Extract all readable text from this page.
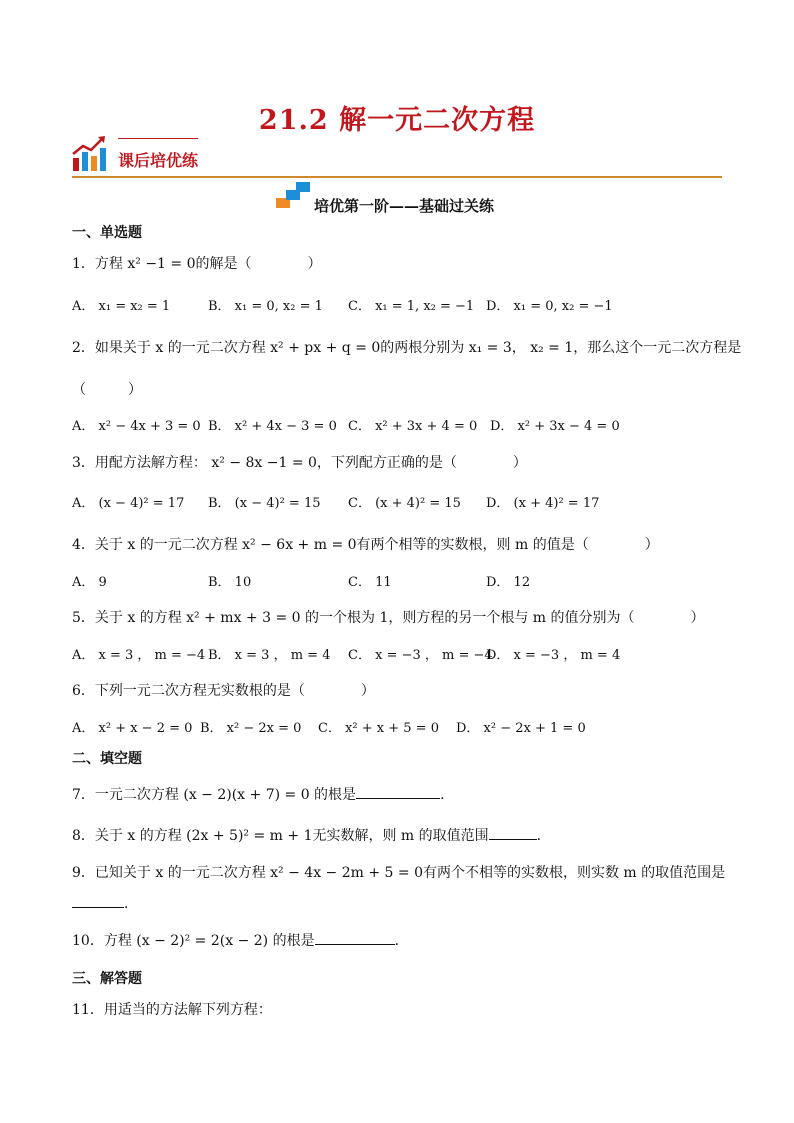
21.2 解一元二次方程
课后培优练
培优第一阶——基础过关练
一、单选题
1．方程 x² −1 = 0的解是（　　　　）
A． x₁ = x₂ = 1	B． x₁ = 0, x₂ = 1 C． x₁ = 1, x₂ = −1 D． x₁ = 0, x₂ = −1
2．如果关于 x 的一元二次方程 x² + px + q = 0的两根分别为 x₁ = 3， x₂ = 1，那么这个一元二次方程是
（　　　）
A． x² − 4x + 3 = 0 B． x² + 4x − 3 = 0 C． x² + 3x + 4 = 0 D． x² + 3x − 4 = 0
3．用配方法解方程： x² − 8x −1 = 0，下列配方正确的是（　　　　）
A． (x − 4)² = 17 B． (x − 4)² = 15 C． (x + 4)² = 15 D． (x + 4)² = 17
4．关于 x 的一元二次方程 x² − 6x + m = 0有两个相等的实数根，则 m 的值是（　　　　）
A． 9	B． 10	C． 11	D． 12
5．关于 x 的方程 x² + mx + 3 = 0 的一个根为 1，则方程的另一个根与 m 的值分别为（　　　　）
A． x = 3 ， m = −4 B． x = 3 ， m = 4 C． x = −3 ， m = −4
D． x = −3 ， m = 4
6．下列一元二次方程无实数根的是（　　　　）
A． x² + x − 2 = 0 B． x² − 2x = 0 C． x² + x + 5 = 0 D． x² − 2x + 1 = 0
二、填空题
7．一元二次方程 (x − 2)(x + 7) = 0 的根是	．
8．关于 x 的方程 (2x + 5)² = m + 1无实数解，则 m 的取值范围	．
9．已知关于 x 的一元二次方程 x² − 4x − 2m + 5 = 0有两个不相等的实数根，则实数 m 的取值范围是
．
10．方程 (x − 2)² = 2(x − 2) 的根是	．
三、解答题
11．用适当的方法解下列方程：
